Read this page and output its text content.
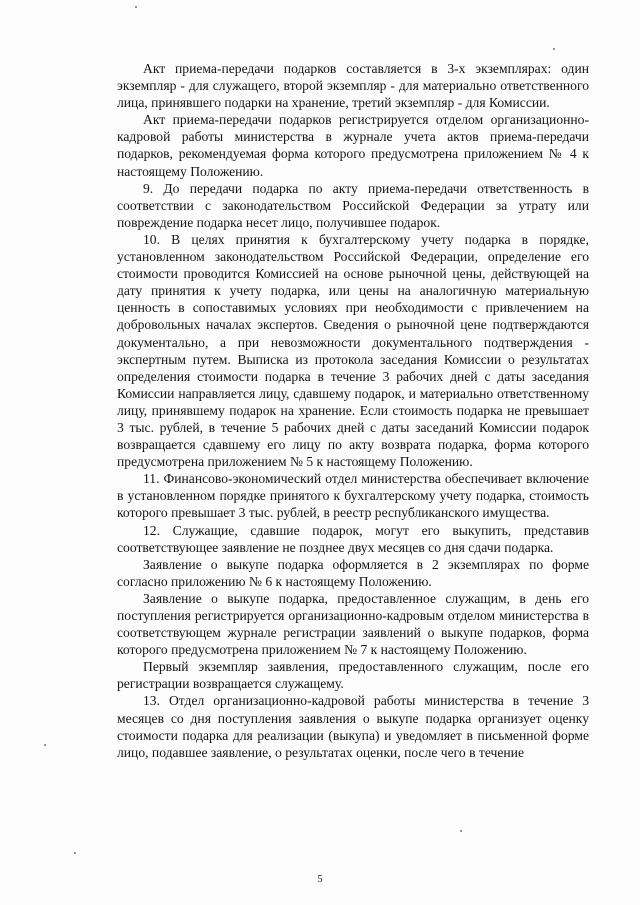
Акт приема-передачи подарков составляется в 3-х экземплярах: один экземпляр - для служащего, второй экземпляр - для материально ответственного лица, принявшего подарки на хранение, третий экземпляр - для Комиссии.

Акт приема-передачи подарков регистрируется отделом организационно-кадровой работы министерства в журнале учета актов приема-передачи подарков, рекомендуемая форма которого предусмотрена приложением № 4 к настоящему Положению.

9. До передачи подарка по акту приема-передачи ответственность в соответствии с законодательством Российской Федерации за утрату или повреждение подарка несет лицо, получившее подарок.

10. В целях принятия к бухгалтерскому учету подарка в порядке, установленном законодательством Российской Федерации, определение его стоимости проводится Комиссией на основе рыночной цены, действующей на дату принятия к учету подарка, или цены на аналогичную материальную ценность в сопоставимых условиях при необходимости с привлечением на добровольных началах экспертов. Сведения о рыночной цене подтверждаются документально, а при невозможности документального подтверждения - экспертным путем. Выписка из протокола заседания Комиссии о результатах определения стоимости подарка в течение 3 рабочих дней с даты заседания Комиссии направляется лицу, сдавшему подарок, и материально ответственному лицу, принявшему подарок на хранение. Если стоимость подарка не превышает 3 тыс. рублей, в течение 5 рабочих дней с даты заседаний Комиссии подарок возвращается сдавшему его лицу по акту возврата подарка, форма которого предусмотрена приложением № 5 к настоящему Положению.

11. Финансово-экономический отдел министерства обеспечивает включение в установленном порядке принятого к бухгалтерскому учету подарка, стоимость которого превышает 3 тыс. рублей, в реестр республиканского имущества.

12. Служащие, сдавшие подарок, могут его выкупить, представив соответствующее заявление не позднее двух месяцев со дня сдачи подарка.

Заявление о выкупе подарка оформляется в 2 экземплярах по форме согласно приложению № 6 к настоящему Положению.

Заявление о выкупе подарка, предоставленное служащим, в день его поступления регистрируется организационно-кадровым отделом министерства в соответствующем журнале регистрации заявлений о выкупе подарков, форма которого предусмотрена приложением № 7 к настоящему Положению.

Первый экземпляр заявления, предоставленного служащим, после его регистрации возвращается служащему.

13. Отдел организационно-кадровой работы министерства в течение 3 месяцев со дня поступления заявления о выкупе подарка организует оценку стоимости подарка для реализации (выкупа) и уведомляет в письменной форме лицо, подавшее заявление, о результатах оценки, после чего в течение

5
